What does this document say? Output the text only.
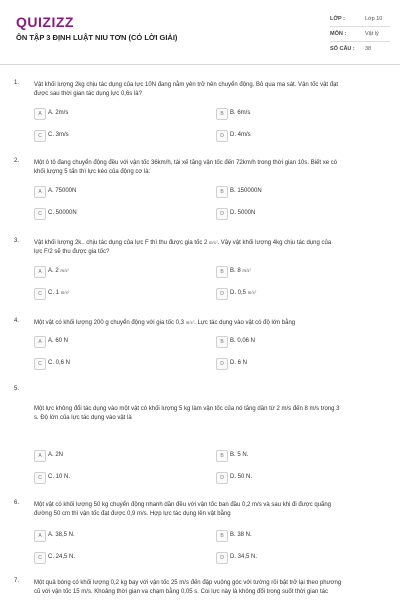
QUIZIZZ
ÔN TẬP 3 ĐỊNH LUẬT NIU TƠN (CÓ LỜI GIẢI)
LỚP :	Lớp 10
MÔN :	Vật lý
SỐ CÂU : 38
1. Vật khối lượng 2kg chịu tác dụng của lực 10N đang nằm yên trở nên chuyển động. Bỏ qua ma sát. Vận tốc vật đạt
được sau thời gian tác dụng lực 0,6s là?
A	A. 2m/s	B	B. 6m/s
C	C. 3m/s	D	D. 4m/s
2. Một ô tô đang chuyển động đều với vận tốc 36km/h, tài xế tăng vận tốc đến 72km/h trong thời gian 10s. Biết xe có
khối lượng 5 tấn thì lực kéo của động cơ là:
A	A. 75000N	B	B. 150000N
C	C. 50000N	D	D. 5000N
3. Vật khối lượng 2k.. chịu tác dụng của lực F thì thu được gia tốc 2 m/s². Vậy vật khối lượng 4kg chịu tác dụng của
lực F/2 sẽ thu được gia tốc?
A	A. 2 m/s²	B	B. 8 m/s²
C	C. 1 m/s²	D	D. 0,5 m/s²
4. Một vật có khối lượng 200 g chuyển động với gia tốc 0,3 m/s². Lực tác dụng vào vật có độ lớn bằng
A	A. 60 N	B	B. 0,06 N
C	C. 0,6 N	D	D. 6 N
5.
Một lực không đổi tác dụng vào một vật có khối lượng 5 kg làm vận tốc của nó tăng dần từ 2 m/s đến 8 m/s trong 3
s. Độ lớn của lực tác dụng vào vật là
A	A. 2N	B	B. 5 N.
C	C. 10 N.	D	D. 50 N.
6. Một vật có khối lượng 50 kg chuyển động nhanh dần đều với vận tốc ban đầu 0,2 m/s và sau khi đi được quãng
đường 50 cm thì vận tốc đạt được 0,9 m/s. Hợp lực tác dụng lên vật bằng
A	A. 38,5 N.	B	B. 38 N.
C	C. 24,5 N.	D	D. 34,5 N.
7. Một quả bóng có khối lượng 0,2 kg bay với vận tốc 25 m/s đến đập vuông góc với tường rồi bật trở lại theo phương
cũ với vận tốc 15 m/s. Khoảng thời gian va chạm bằng 0,05 s. Coi lực này là không đổi trong suốt thời gian tác
